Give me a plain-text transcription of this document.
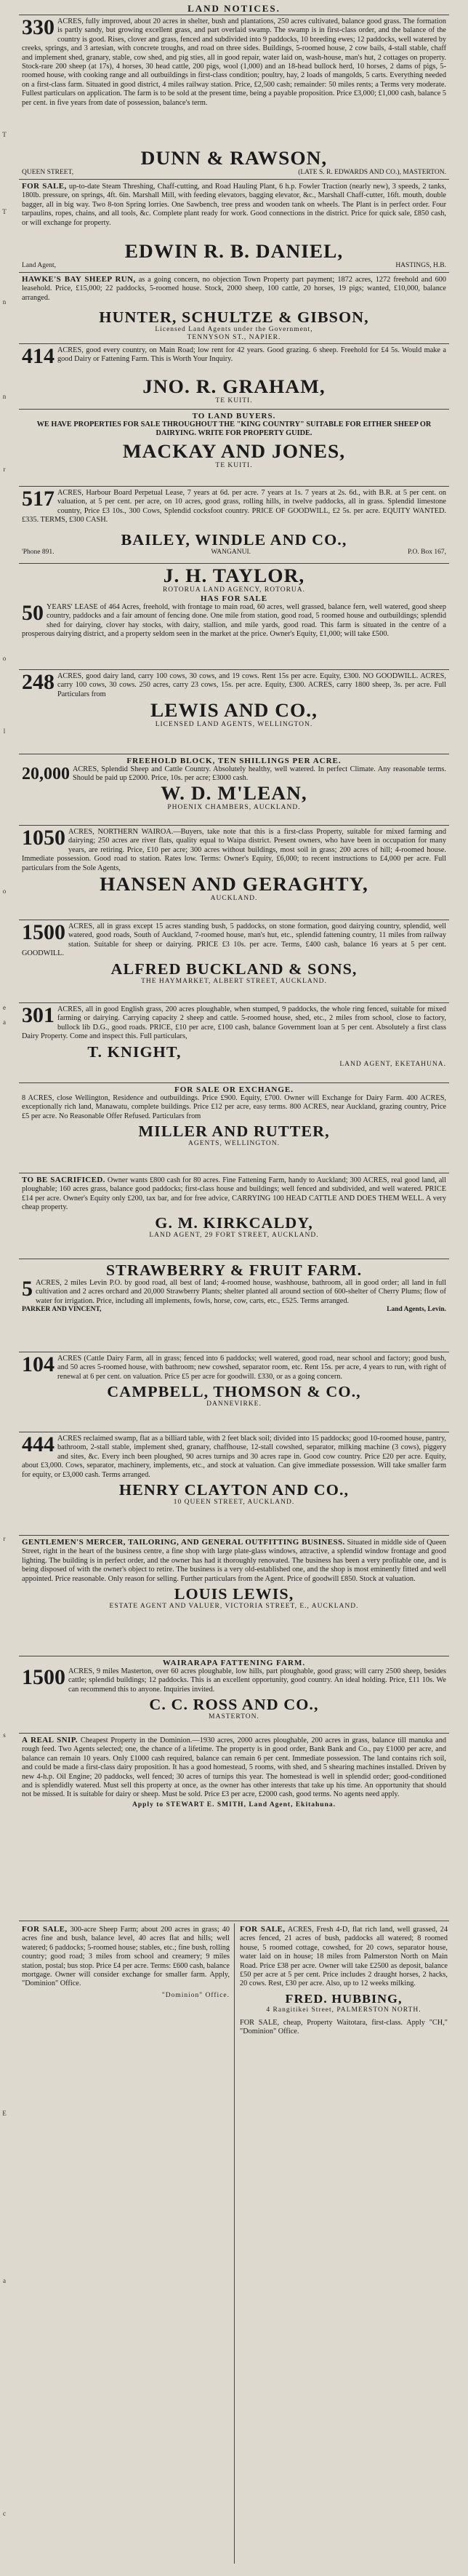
T
T
n
n
r
o
l
o
e
a
r
s
E
a
c
LAND NOTICES.
330 ACRES, fully improved, about 20 acres in shelter, bush and plantations, 250 acres cultivated, balance good grass. The formation is partly sandy, but growing excellent grass, and part overlaid swamp. The swamp is in first-class order, and the balance of the country is good. Rises, clover and grass, fenced and subdivided into 9 paddocks, 10 breeding ewes; 12 paddocks, well watered by creeks, springs, and 3 artesian, with concrete troughs, and road on three sides. Buildings, 5-roomed house, 2 cow bails, 4-stall stable, chaff and implement shed, granary, stable, cow shed, and pig sties, all in good repair, water laid on, wash-house, man's hut, 2 cottages on property. Stock-rare 200 sheep (at 17s), 4 horses, 30 head cattle, 200 pigs, wool (1,000) and an 18-head bullock herd, 10 horses, 2 dams of pigs, 5-roomed house, with cooking range and all outbuildings in first-class condition; poultry, hay, 2 loads of mangolds, 5 carts. Everything needed on a first-class farm. Situated in good district, 4 miles railway station. Price, £2,500 cash; remainder: 50 miles rents; a Terms very moderate. Fullest particulars on application. The farm is to be sold at the present time, being a payable proposition. Price £3,000; £1,000 cash, balance 5 per cent. in five years from date of possession, balance's term.
DUNN & RAWSON,
QUEEN STREET,	(LATE S. R. EDWARDS AND CO.), MASTERTON.
FOR SALE, up-to-date Steam Threshing, Chaff-cutting, and Road Hauling Plant, 6 h.p. Fowler Traction (nearly new), 3 speeds, 2 tanks, 180lb. pressure, on springs, 4ft. 6in. Marshall Mill, with feeding elevators, bagging elevator, &c., Marshall Chaff-cutter, 16ft. mouth, double bagger, all in big way. Two 8-ton Spring lorries. One Sawbench, tree press and wooden tank on wheels. The Plant is in perfect order. Four tarpaulins, ropes, chains, and all tools, &c. Complete plant ready for work. Good connections in the district. Price for quick sale, £850 cash, or will exchange for property.
EDWIN R. B. DANIEL,
Land Agent,	HASTINGS, H.B.
HAWKE'S BAY SHEEP RUN, as a going concern, no objection Town Property part payment; 1872 acres, 1272 freehold and 600 leasehold. Price, £15,000; 22 paddocks, 5-roomed house. Stock, 2000 sheep, 100 cattle, 20 horses, 19 pigs; wanted, £10,000, balance arranged.
HUNTER, SCHULTZE & GIBSON,
Licensed Land Agents under the Government,
TENNYSON ST., NAPIER.
414 ACRES, good every country, on Main Road; low rent for 42 years. Good grazing. 6 sheep. Freehold for £4 5s. Would make a good Dairy or Fattening Farm. This is Worth Your Inquiry.
JNO. R. GRAHAM,
TE KUITI.
TO LAND BUYERS.
WE HAVE PROPERTIES FOR SALE THROUGHOUT THE "KING COUNTRY" SUITABLE FOR EITHER SHEEP OR DAIRYING. WRITE FOR PROPERTY GUIDE.
MACKAY AND JONES,
TE KUITI.
517 ACRES, Harbour Board Perpetual Lease, 7 years at 6d. per acre. 7 years at 1s. 7 years at 2s. 6d., with B.R. at 5 per cent. on valuation, at 5 per cent. per acre, on 10 acres, good grass, rolling hills, in twelve paddocks, all in grass. Splendid limestone country, Price £3 10s., 300 Cows, Splendid cocksfoot country. PRICE OF GOODWILL, £2 5s. per acre. EQUITY WANTED. £335. TERMS, £300 CASH.
BAILEY, WINDLE AND CO.,
'Phone 891.	WANGANUI.	P.O. Box 167,
J. H. TAYLOR,
ROTORUA LAND AGENCY, ROTORUA.
HAS FOR SALE
50 YEARS' LEASE of 464 Acres, freehold, with frontage to main road, 60 acres, well grassed, balance fern, well watered, good sheep country, paddocks and a fair amount of fencing done. One mile from station, good road, 5 roomed house and outbuildings; splendid shed for dairying, clover hay stocks, with dairy, stallion, and mile yards, good road. This farm is situated in the centre of a prosperous dairying district, and a property seldom seen in the market at the price. Owner's Equity, £1,000; will take £500.
248 ACRES, good dairy land, carry 100 cows, 30 cows, and 19 cows. Rent 15s per acre. Equity, £300. NO GOODWILL. ACRES, carry 100 cows, 30 cows. 250 acres, carry 23 cows, 15s. per acre. Equity, £300. ACRES, carry 1800 sheep, 3s. per acre. Full Particulars from
LEWIS AND CO.,
LICENSED LAND AGENTS, WELLINGTON.
FREEHOLD BLOCK, TEN SHILLINGS PER ACRE.
20,000 ACRES, Splendid Sheep and Cattle Country. Absolutely healthy, well watered. In perfect Climate. Any reasonable terms. Should be paid up £2000. Price, 10s. per acre; £3000 cash.
W. D. M'LEAN,
PHOENIX CHAMBERS, AUCKLAND.
1050 ACRES, NORTHERN WAIROA.—Buyers, take note that this is a first-class Property, suitable for mixed farming and dairying; 250 acres are river flats, quality equal to Waipa district. Present owners, who have been in occupation for many years, are retiring. Price, £10 per acre; 300 acres without buildings, most soil in grass; 200 acres of hill; 4-roomed house. Immediate possession. Good road to station. Rates low. Terms: Owner's Equity, £6,000; to recent instructions to £4,000 per acre. Full particulars from the Sole Agents,
HANSEN AND GERAGHTY,
AUCKLAND.
1500 ACRES, all in grass except 15 acres standing bush, 5 paddocks, on stone formation, good dairying country, splendid, well watered, good roads, South of Auckland, 7-roomed house, man's hut, etc., splendid fattening country, 11 miles from railway station. Suitable for sheep or dairying. PRICE £3 10s. per acre. Terms, £400 cash, balance 16 years at 5 per cent. GOODWILL.
ALFRED BUCKLAND & SONS,
THE HAYMARKET, ALBERT STREET, AUCKLAND.
301 ACRES, all in good English grass, 200 acres ploughable, when stumped, 9 paddocks, the whole ring fenced, suitable for mixed farming or dairying. Carrying capacity 2 sheep and cattle. 5-roomed house, shed, etc., 2 miles from school, close to factory, bullock lib D.G., good roads. PRICE, £10 per acre, £100 cash, balance Government loan at 5 per cent. Absolutely a first class Dairy Property. Come and inspect this. Full particulars,
T. KNIGHT,
LAND AGENT, EKETAHUNA.
FOR SALE OR EXCHANGE.
8 ACRES, close Wellington, Residence and outbuildings. Price £900. Equity, £700. Owner will Exchange for Dairy Farm. 400 ACRES, exceptionally rich land, Manawatu, complete buildings. Price £12 per acre, easy terms. 800 ACRES, near Auckland, grazing country, Price £5 per acre. No Reasonable Offer Refused. Particulars from
MILLER AND RUTTER,
AGENTS, WELLINGTON.
TO BE SACRIFICED. Owner wants £800 cash for 80 acres. Fine Fattening Farm, handy to Auckland; 300 ACRES, real good land, all ploughable; 160 acres grass, balance good paddocks; first-class house and buildings; well fenced and subdivided, and well watered. PRICE £14 per acre. Owner's Equity only £200, tax bar, and for free advice, CARRYING 100 HEAD CATTLE AND DOES THEM WELL. A very cheap property.
G. M. KIRKCALDY,
LAND AGENT, 29 FORT STREET, AUCKLAND.
STRAWBERRY & FRUIT FARM.
5 ACRES, 2 miles Levin P.O. by good road, all best of land; 4-roomed house, washhouse, bathroom, all in good order; all land in full cultivation and 2 acres orchard and 20,000 Strawberry Plants; shelter planted all around section of 600-shelter of Cherry Plums; flow of water for irrigation. Price, including all implements, fowls, horse, cow, carts, etc., £525. Terms arranged.
PARKER AND VINCENT,	Land Agents, Levin.
104 ACRES (Cattle Dairy Farm, all in grass; fenced into 6 paddocks; well watered, good road, near school and factory; good bush, and 50 acres 5-roomed house, with bathroom; new cowshed, separator room, etc. Rent 15s. per acre, 4 years to run, with right of renewal at 6 per cent. on valuation. Price £5 per acre for goodwill. £330, or as a going concern.
CAMPBELL, THOMSON & CO.,
DANNEVIRKE.
444 ACRES reclaimed swamp, flat as a billiard table, with 2 feet black soil; divided into 15 paddocks; good 10-roomed house, pantry, bathroom, 2-stall stable, implement shed, granary, chaffhouse, 12-stall cowshed, separator, milking machine (3 cows), piggery and sites, &c. Every inch been ploughed, 90 acres turnips and 30 acres rape in. Good cow country. Price £20 per acre. Equity, about £3,000. Cows, separator, machinery, implements, etc., and stock at valuation. Can give immediate possession. Will take smaller farm for equity, or £3,000 cash. Terms arranged.
HENRY CLAYTON AND CO.,
10 QUEEN STREET, AUCKLAND.
GENTLEMEN'S MERCER, TAILORING, AND GENERAL OUTFITTING BUSINESS. Situated in middle side of Queen Street, right in the heart of the business centre, a fine shop with large plate-glass windows, attractive, a splendid window frontage and good lighting. The building is in perfect order, and the owner has had it thoroughly renovated. The business has been a very profitable one, and is being disposed of with the owner's object to retire. The business is a very old-established one, and the shop is most eminently fitted and well appointed. Price reasonable. Only reason for selling. Further particulars from the Agent. Price of goodwill £850. Stock at valuation.
LOUIS LEWIS,
ESTATE AGENT AND VALUER, VICTORIA STREET, E., AUCKLAND.
WAIRARAPA FATTENING FARM.
1500 ACRES, 9 miles Masterton, over 60 acres ploughable, low hills, part ploughable, good grass; will carry 2500 sheep, besides cattle; splendid buildings; 12 paddocks. This is an excellent opportunity, good country. An ideal holding. Price, £11 10s. We can recommend this to anyone. Inquiries invited.
C. C. ROSS AND CO.,
MASTERTON.
A REAL SNIP. Cheapest Property in the Dominion.—1930 acres, 2000 acres ploughable, 200 acres in grass, balance till manuka and rough feed. Two Agents selected; one, the chance of a lifetime. The property is in good order, Bank Bank and Co., pay £1000 per acre, and balance can remain 10 years. Only £1000 cash required, balance can remain 6 per cent. Immediate possession. The land contains rich soil, and could be made a first-class dairy proposition. It has a good homestead, 5 rooms, with shed, and 5 shearing machines installed. Driven by new 4-h.p. Oil Engine; 20 paddocks, well fenced; 30 acres of turnips this year. The homestead is well in splendid order; good-conditioned and is splendidly watered. Must sell this property at once, as the owner has other interests that take up his time. An opportunity that should not be missed. It is suitable for dairy or sheep. Must be sold. Price £3 per acre, £2000 cash, good terms. No agents need apply.
Apply to STEWART E. SMITH, Land Agent, Ekitahuna.
FOR SALE, 300-acre Sheep Farm; about 200 acres in grass; 40 acres fine and bush, balance level, 40 acres flat and hills; well watered; 6 paddocks; 5-roomed house; stables, etc.; fine bush, rolling country; good road; 3 miles from school and creamery; 9 miles station, postal; bus stop. Price £4 per acre. Terms: £600 cash, balance mortgage. Owner will consider exchange for smaller farm. Apply, "Dominion" Office.
"Dominion" Office.
FOR SALE, ACRES, Fresh 4-D, flat rich land, well grassed, 24 acres fenced, 21 acres of bush, paddocks all watered; 8 roomed house, 5 roomed cottage, cowshed, for 20 cows, separator house, water laid on in house; 18 miles from Palmerston North on Main Road. Price £38 per acre. Owner will take £2500 as deposit, balance £50 per acre at 5 per cent. Price includes 2 draught horses, 2 hacks, 20 cows. Rest, £30 per acre. Also, up to 12 weeks milking.
FRED. HUBBING,
4 Rangitikei Street, PALMERSTON NORTH.
FOR SALE, cheap, Property Waitotara, first-class. Apply "CH," "Dominion" Office.
